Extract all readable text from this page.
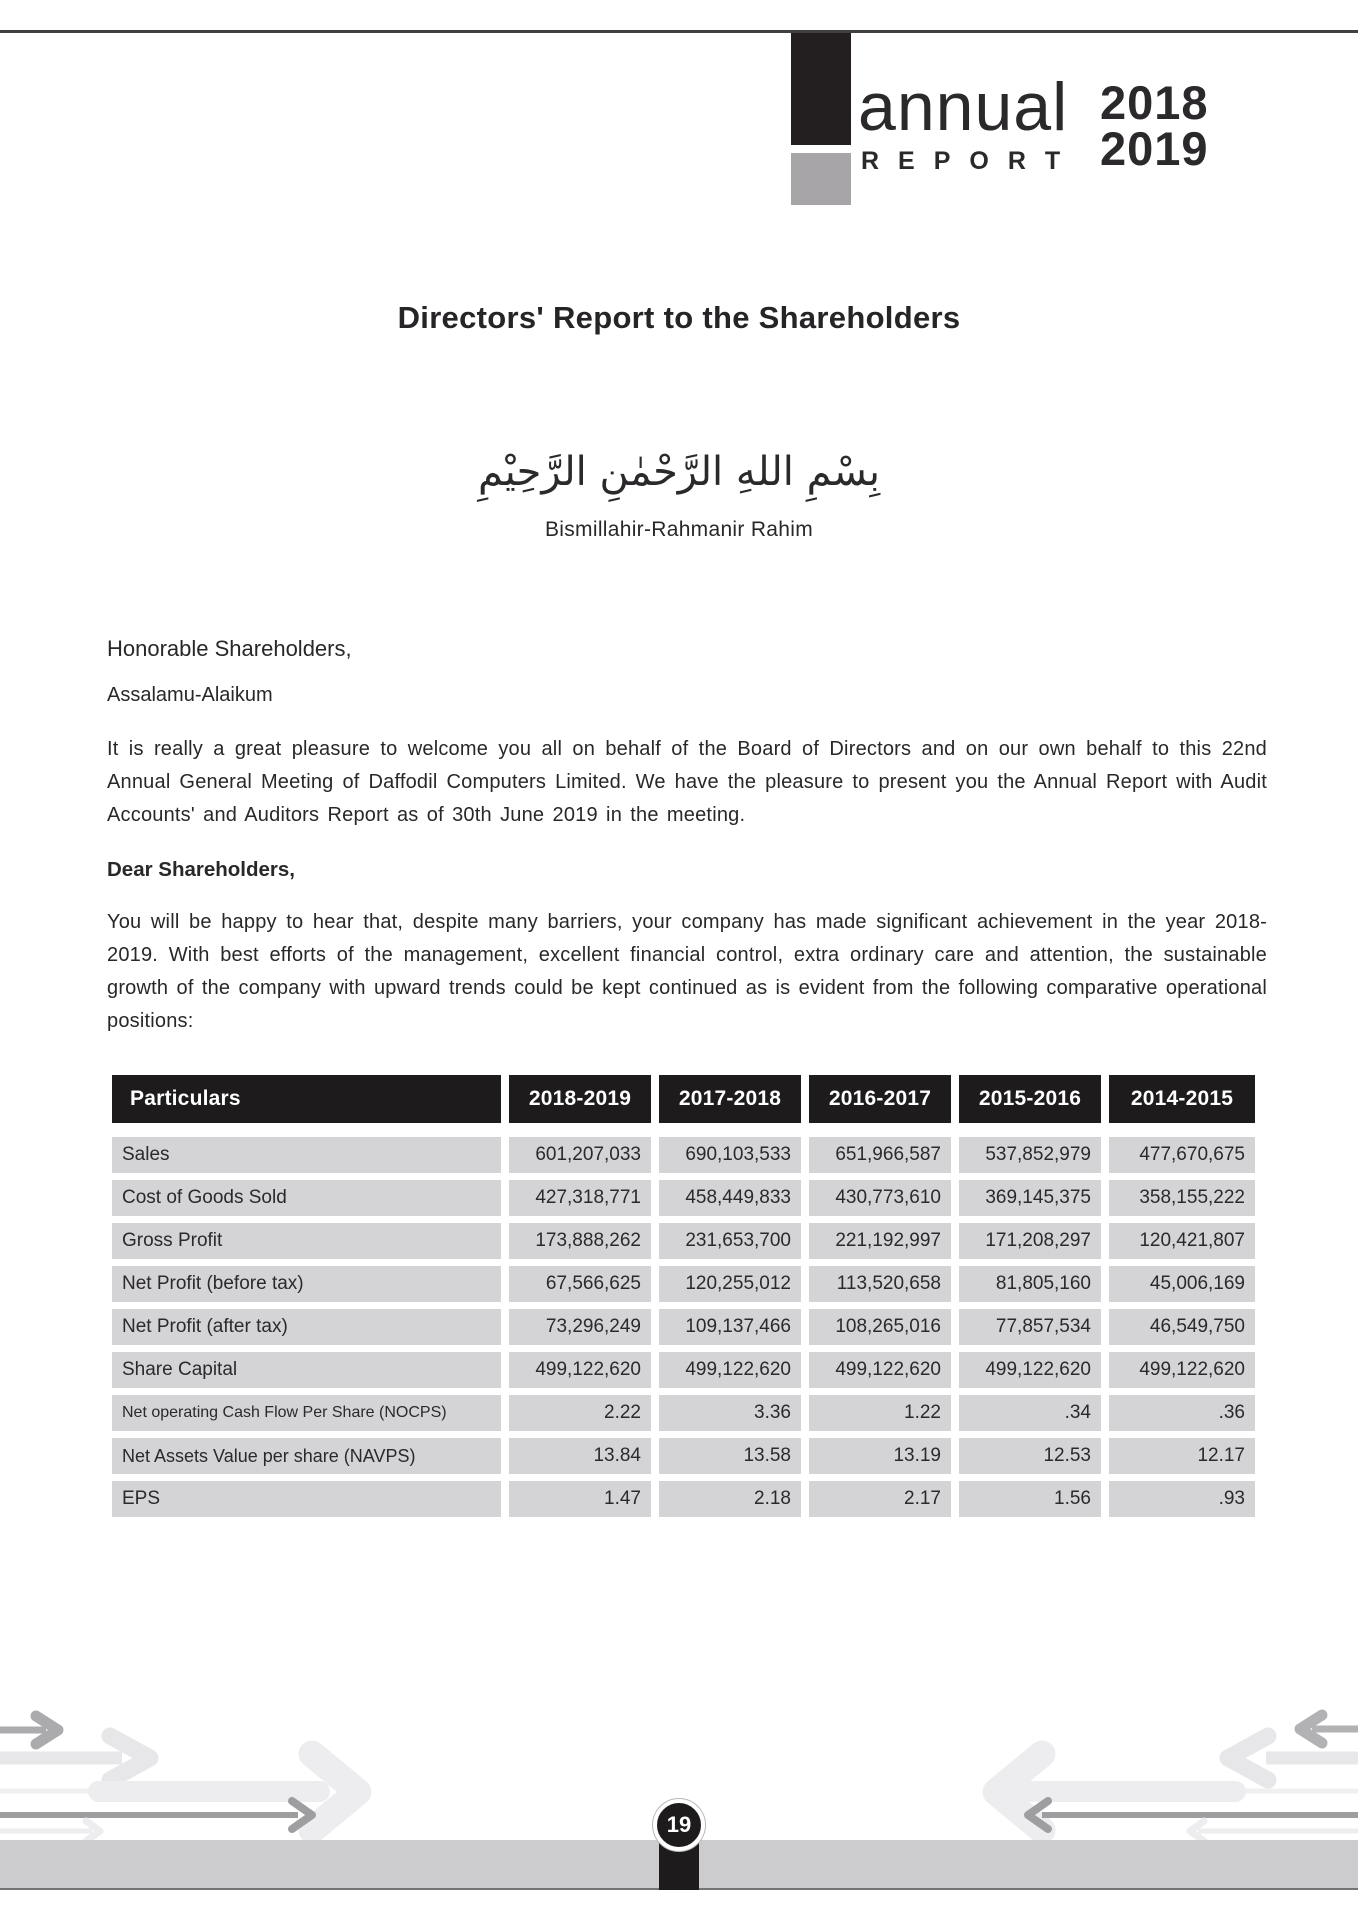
annual
REPORT
2018
2019
Directors' Report to the Shareholders
بِسْمِ اللهِ الرَّحْمٰنِ الرَّحِيْمِ
Bismillahir-Rahmanir Rahim

Honorable Shareholders,

Assalamu-Alaikum

It is really a great pleasure to welcome you all on behalf of the Board of Directors and on our own behalf to this 22nd Annual General Meeting of Daffodil Computers Limited. We have the pleasure to present you the Annual Report with Audit Accounts' and Auditors Report as of 30th June 2019 in the meeting.

Dear Shareholders,

You will be happy to hear that, despite many barriers, your company has made significant achievement in the year 2018-2019. With best efforts of the management, excellent financial control, extra ordinary care and attention, the sustainable growth of the company with upward trends could be kept continued as is evident from the following comparative operational positions:

Particulars	2018-2019	2017-2018	2016-2017	2015-2016	2014-2015
Sales	601,207,033	690,103,533	651,966,587	537,852,979	477,670,675
Cost of Goods Sold	427,318,771	458,449,833	430,773,610	369,145,375	358,155,222
Gross Profit	173,888,262	231,653,700	221,192,997	171,208,297	120,421,807
Net Profit (before tax)	67,566,625	120,255,012	113,520,658	81,805,160	45,006,169
Net Profit (after tax)	73,296,249	109,137,466	108,265,016	77,857,534	46,549,750
Share Capital	499,122,620	499,122,620	499,122,620	499,122,620	499,122,620
Net operating Cash Flow Per Share (NOCPS)	2.22	3.36	1.22	.34	.36
Net Assets Value per share (NAVPS)	13.84	13.58	13.19	12.53	12.17
EPS	1.47	2.18	2.17	1.56	.93
19
